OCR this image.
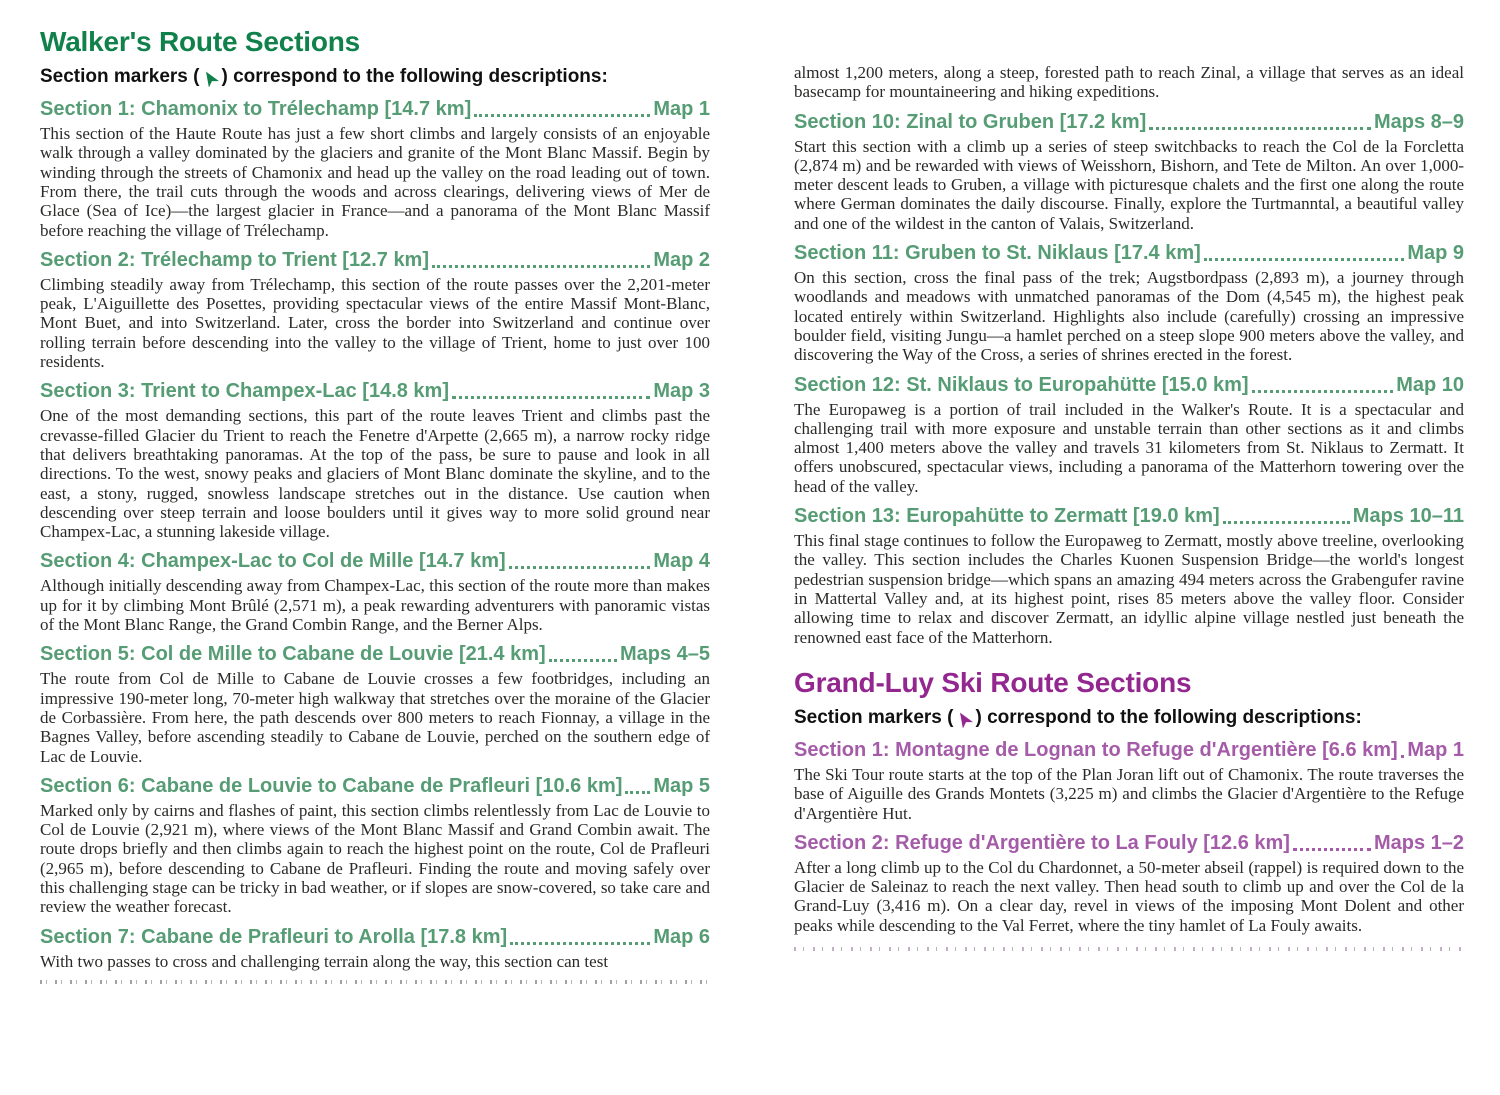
Walker's Route Sections

Section markers ( ) correspond to the following descriptions:

Section 1: Chamonix to Trélechamp [14.7 km]	Map 1

This section of the Haute Route has just a few short climbs and largely consists of an enjoyable walk through a valley dominated by the glaciers and granite of the Mont Blanc Massif. Begin by winding through the streets of Chamonix and head up the valley on the road leading out of town. From there, the trail cuts through the woods and across clearings, delivering views of Mer de Glace (Sea of Ice)—the largest glacier in France—and a panorama of the Mont Blanc Massif before reaching the village of Trélechamp.

Section 2: Trélechamp to Trient [12.7 km]	Map 2

Climbing steadily away from Trélechamp, this section of the route passes over the 2,201-meter peak, L'Aiguillette des Posettes, providing spectacular views of the entire Massif Mont-Blanc, Mont Buet, and into Switzerland. Later, cross the border into Switzerland and continue over rolling terrain before descending into the valley to the village of Trient, home to just over 100 residents.

Section 3: Trient to Champex-Lac [14.8 km]	Map 3

One of the most demanding sections, this part of the route leaves Trient and climbs past the crevasse-filled Glacier du Trient to reach the Fenetre d'Arpette (2,665 m), a narrow rocky ridge that delivers breathtaking panoramas. At the top of the pass, be sure to pause and look in all directions. To the west, snowy peaks and glaciers of Mont Blanc dominate the skyline, and to the east, a stony, rugged, snowless landscape stretches out in the distance. Use caution when descending over steep terrain and loose boulders until it gives way to more solid ground near Champex-Lac, a stunning lakeside village.

Section 4: Champex-Lac to Col de Mille [14.7 km]	Map 4

Although initially descending away from Champex-Lac, this section of the route more than makes up for it by climbing Mont Brûlé (2,571 m), a peak rewarding adventurers with panoramic vistas of the Mont Blanc Range, the Grand Combin Range, and the Berner Alps.

Section 5: Col de Mille to Cabane de Louvie [21.4 km]	Maps 4–5

The route from Col de Mille to Cabane de Louvie crosses a few footbridges, including an impressive 190-meter long, 70-meter high walkway that stretches over the moraine of the Glacier de Corbassière. From here, the path descends over 800 meters to reach Fionnay, a village in the Bagnes Valley, before ascending steadily to Cabane de Louvie, perched on the southern edge of Lac de Louvie.

Section 6: Cabane de Louvie to Cabane de Prafleuri [10.6 km] Map 5

Marked only by cairns and flashes of paint, this section climbs relentlessly from Lac de Louvie to Col de Louvie (2,921 m), where views of the Mont Blanc Massif and Grand Combin await. The route drops briefly and then climbs again to reach the highest point on the route, Col de Prafleuri (2,965 m), before descending to Cabane de Prafleuri. Finding the route and moving safely over this challenging stage can be tricky in bad weather, or if slopes are snow-covered, so take care and review the weather forecast.

Section 7: Cabane de Prafleuri to Arolla [17.8 km]	Map 6

With two passes to cross and challenging terrain along the way, this section can test

almost 1,200 meters, along a steep, forested path to reach Zinal, a village that serves as an ideal basecamp for mountaineering and hiking expeditions.

Section 10: Zinal to Gruben [17.2 km]	Maps 8–9

Start this section with a climb up a series of steep switchbacks to reach the Col de la Forcletta (2,874 m) and be rewarded with views of Weisshorn, Bishorn, and Tete de Milton. An over 1,000-meter descent leads to Gruben, a village with picturesque chalets and the first one along the route where German dominates the daily discourse. Finally, explore the Turtmanntal, a beautiful valley and one of the wildest in the canton of Valais, Switzerland.

Section 11: Gruben to St. Niklaus [17.4 km]	Map 9

On this section, cross the final pass of the trek; Augstbordpass (2,893 m), a journey through woodlands and meadows with unmatched panoramas of the Dom (4,545 m), the highest peak located entirely within Switzerland. Highlights also include (carefully) crossing an impressive boulder field, visiting Jungu—a hamlet perched on a steep slope 900 meters above the valley, and discovering the Way of the Cross, a series of shrines erected in the forest.

Section 12: St. Niklaus to Europahütte [15.0 km]	Map 10

The Europaweg is a portion of trail included in the Walker's Route. It is a spectacular and challenging trail with more exposure and unstable terrain than other sections as it and climbs almost 1,400 meters above the valley and travels 31 kilometers from St. Niklaus to Zermatt. It offers unobscured, spectacular views, including a panorama of the Matterhorn towering over the head of the valley.

Section 13: Europahütte to Zermatt [19.0 km]	Maps 10–11

This final stage continues to follow the Europaweg to Zermatt, mostly above treeline, overlooking the valley. This section includes the Charles Kuonen Suspension Bridge—the world's longest pedestrian suspension bridge—which spans an amazing 494 meters across the Grabengufer ravine in Mattertal Valley and, at its highest point, rises 85 meters above the valley floor. Consider allowing time to relax and discover Zermatt, an idyllic alpine village nestled just beneath the renowned east face of the Matterhorn.

Grand-Luy Ski Route Sections

Section markers ( ) correspond to the following descriptions:

Section 1: Montagne de Lognan to Refuge d'Argentière [6.6 km] Map 1

The Ski Tour route starts at the top of the Plan Joran lift out of Chamonix. The route traverses the base of Aiguille des Grands Montets (3,225 m) and climbs the Glacier d'Argentière to the Refuge d'Argentière Hut.

Section 2: Refuge d'Argentière to La Fouly [12.6 km]	Maps 1–2

After a long climb up to the Col du Chardonnet, a 50-meter abseil (rappel) is required down to the Glacier de Saleinaz to reach the next valley. Then head south to climb up and over the Col de la Grand-Luy (3,416 m). On a clear day, revel in views of the imposing Mont Dolent and other peaks while descending to the Val Ferret, where the tiny hamlet of La Fouly awaits.
